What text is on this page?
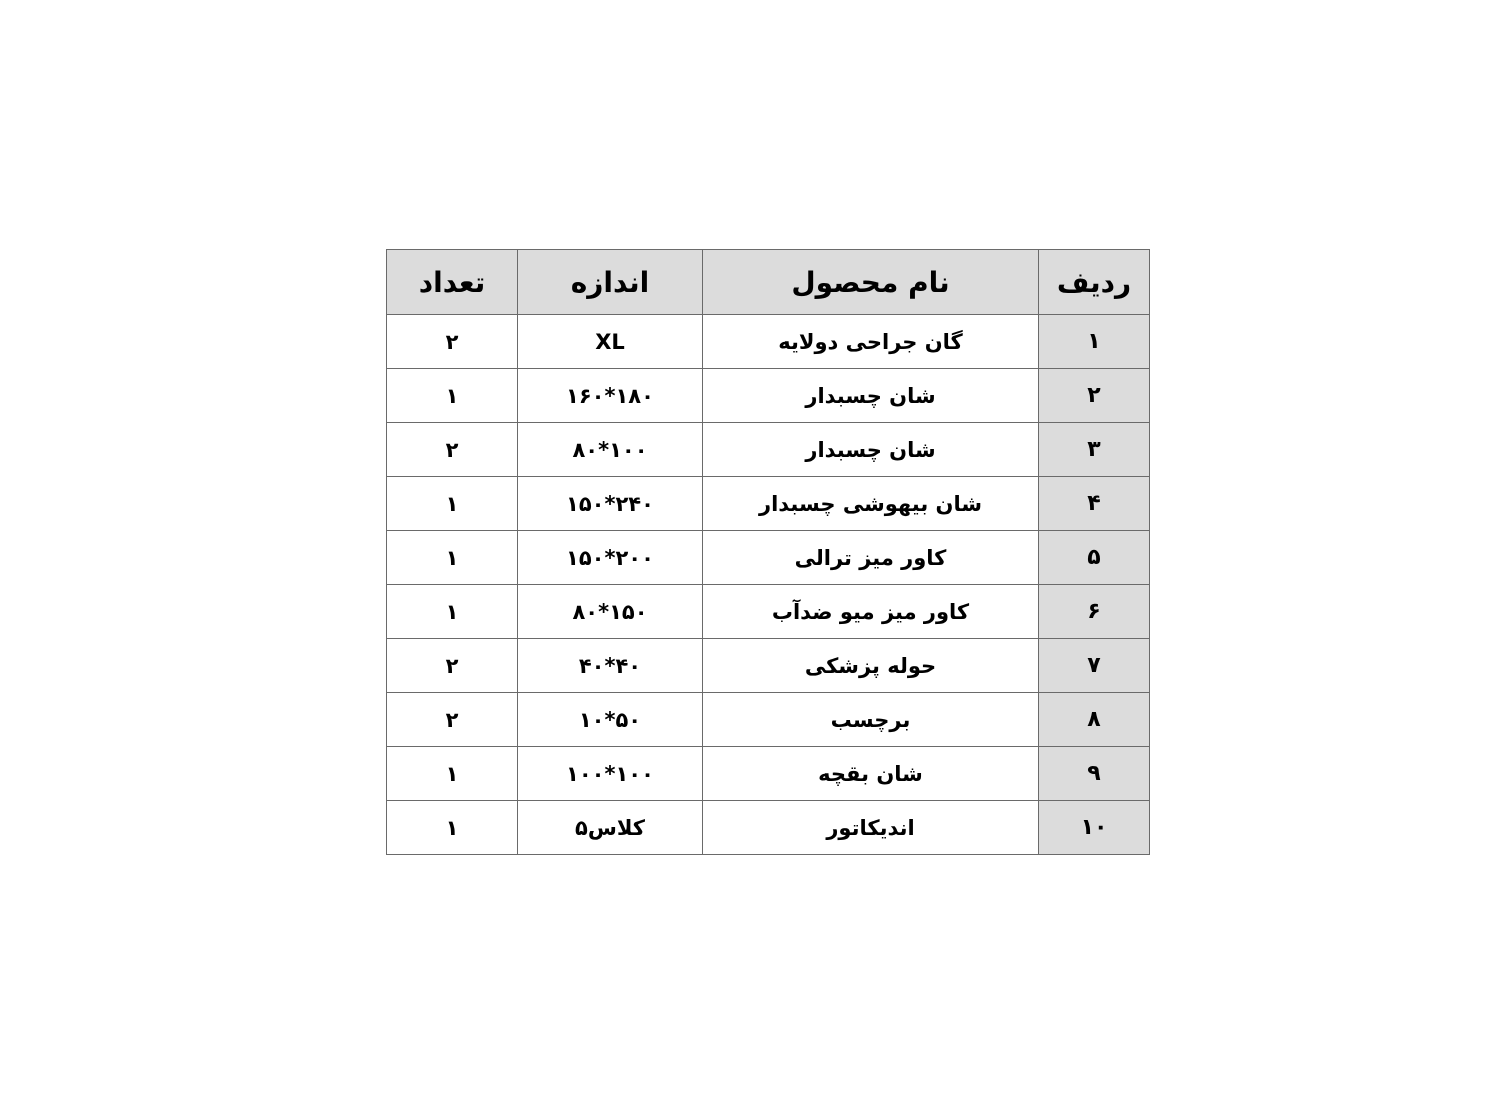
ردیف	نام محصول	اندازه	تعداد
۱	گان جراحی دولایه	XL	۲
۲	شان چسبدار	۱۶۰*۱۸۰	۱
۳	شان چسبدار	۸۰*۱۰۰	۲
۴	شان بیهوشی چسبدار	۱۵۰*۲۴۰	۱
۵	کاور میز ترالی	۱۵۰*۲۰۰	۱
۶	کاور میز میو ضدآب	۸۰*۱۵۰	۱
۷	حوله پزشکی	۴۰*۴۰	۲
۸	برچسب	۱۰*۵۰	۲
۹	شان بقچه	۱۰۰*۱۰۰	۱
۱۰	اندیکاتور	کلاس۵	۱
